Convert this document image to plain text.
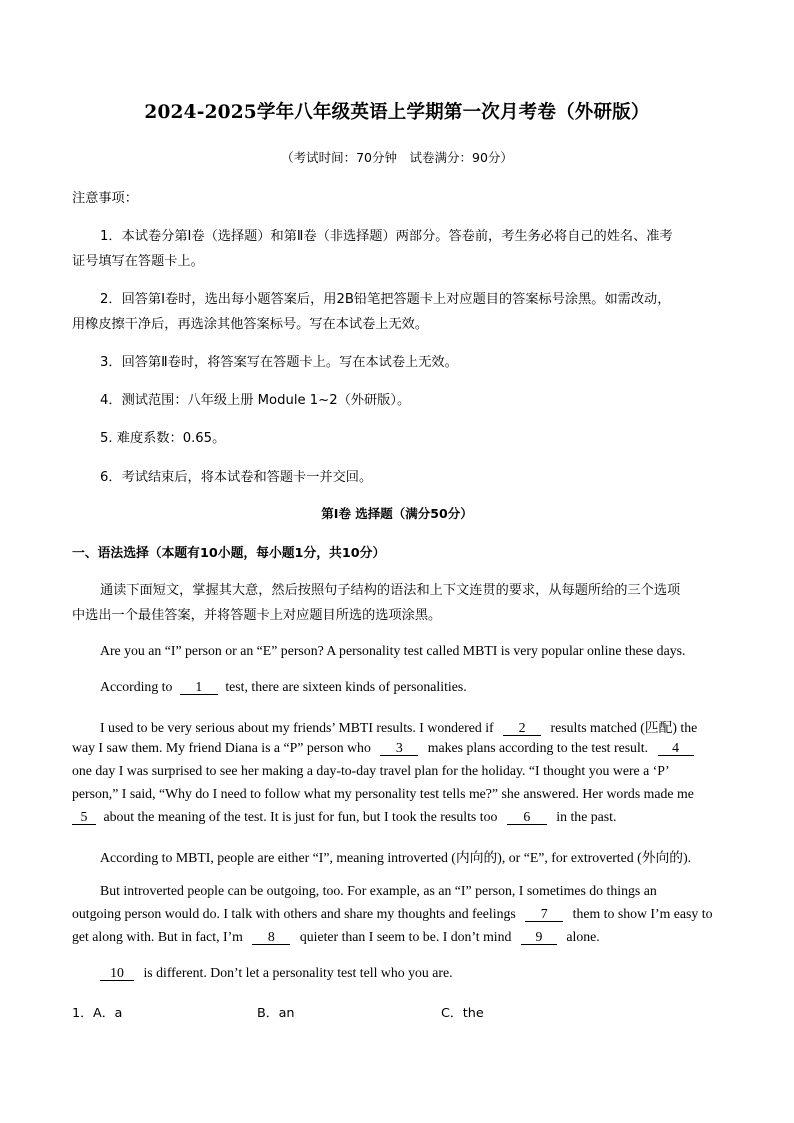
2024-2025学年八年级英语上学期第一次月考卷（外研版）
（考试时间：70分钟　试卷满分：90分）
注意事项：
1．本试卷分第Ⅰ卷（选择题）和第Ⅱ卷（非选择题）两部分。答卷前，考生务必将自己的姓名、准考
证号填写在答题卡上。
2．回答第Ⅰ卷时，选出每小题答案后，用2B铅笔把答题卡上对应题目的答案标号涂黑。如需改动，
用橡皮擦干净后，再选涂其他答案标号。写在本试卷上无效。
3．回答第Ⅱ卷时，将答案写在答题卡上。写在本试卷上无效。
4．测试范围：八年级上册 Module 1~2（外研版）。
5. 难度系数：0.65。
6．考试结束后，将本试卷和答题卡一并交回。
第Ⅰ卷 选择题（满分50分）
一、语法选择（本题有10小题，每小题1分，共10分）
通读下面短文，掌握其大意，然后按照句子结构的语法和上下文连贯的要求，从每题所给的三个选项
中选出一个最佳答案，并将答题卡上对应题目所选的选项涂黑。
Are you an “I” person or an “E” person? A personality test called MBTI is very popular online these days.
According to 1 test, there are sixteen kinds of personalities.
I used to be very serious about my friends’ MBTI results. I wondered if 2 results matched (匹配) the
way I saw them. My friend Diana is a “P” person who 3 makes plans according to the test result. 4
one day I was surprised to see her making a day-to-day travel plan for the holiday. “I thought you were a ‘P’
person,” I said, “Why do I need to follow what my personality test tells me?” she answered. Her words made me
5 about the meaning of the test. It is just for fun, but I took the results too 6 in the past.
According to MBTI, people are either “I”, meaning introverted (内向的), or “E”, for extroverted (外向的).
But introverted people can be outgoing, too. For example, as an “I” person, I sometimes do things an
outgoing person would do. I talk with others and share my thoughts and feelings 7 them to show I’m easy to
get along with. But in fact, I’m 8 quieter than I seem to be. I don’t mind 9 alone.
10 is different. Don’t let a personality test tell who you are.
1．A．a	B．an	C．the
